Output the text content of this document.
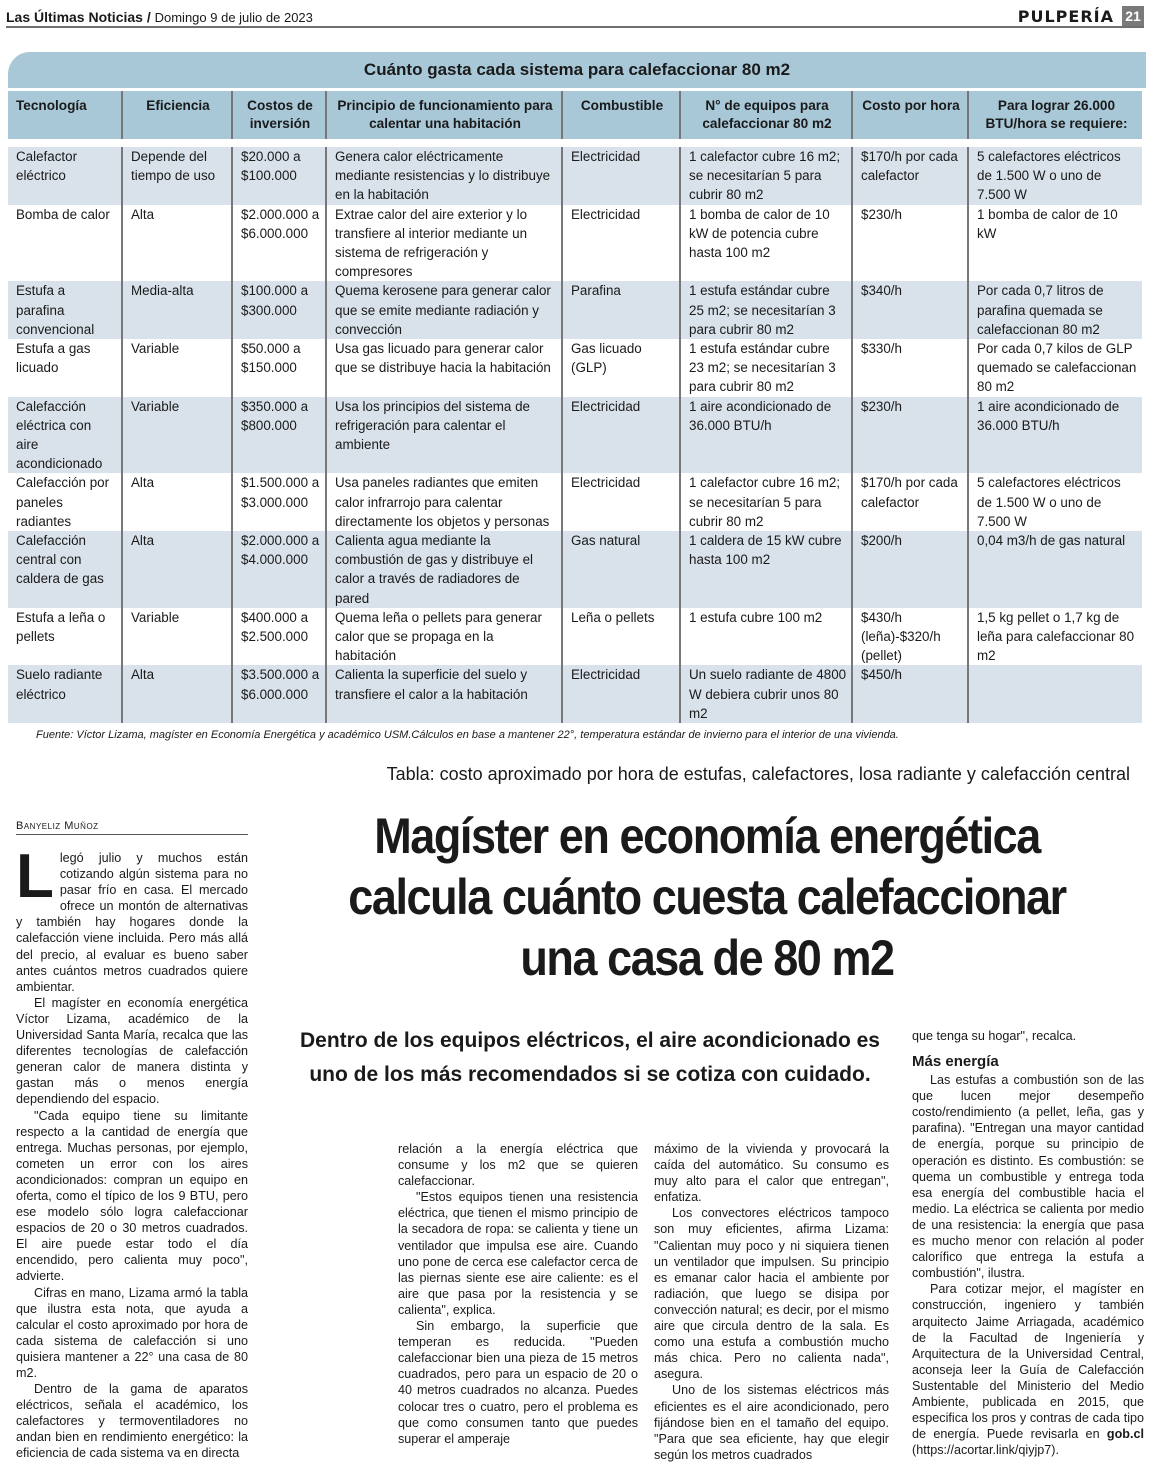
Las Últimas Noticias / Domingo 9 de julio de 2023	PULPERÍA 21
Cuánto gasta cada sistema para calefaccionar 80 m2
Tecnología	Eficiencia	Costos de inversión	Principio de funcionamiento para calentar una habitación	Combustible	N° de equipos para calefaccionar 80 m2	Costo por hora	Para lograr 26.000 BTU/hora se requiere:

Calefactor eléctrico	Depende del tiempo de uso	$20.000 a $100.000	Genera calor eléctricamente mediante resistencias y lo distribuye en la habitación	Electricidad	1 calefactor cubre 16 m2; se necesitarían 5 para cubrir 80 m2	$170/h por cada calefactor	5 calefactores eléctricos de 1.500 W o uno de 7.500 W
Bomba de calor	Alta	$2.000.000 a $6.000.000	Extrae calor del aire exterior y lo transfiere al interior mediante un sistema de refrigeración y compresores	Electricidad	1 bomba de calor de 10 kW de potencia cubre hasta 100 m2	$230/h	1 bomba de calor de 10 kW
Estufa a parafina convencional	Media-alta	$100.000 a $300.000	Quema kerosene para generar calor que se emite mediante radiación y convección	Parafina	1 estufa estándar cubre 25 m2; se necesitarían 3 para cubrir 80 m2	$340/h	Por cada 0,7 litros de parafina quemada se calefaccionan 80 m2
Estufa a gas licuado	Variable	$50.000 a $150.000	Usa gas licuado para generar calor que se distribuye hacia la habitación	Gas licuado (GLP)	1 estufa estándar cubre 23 m2; se necesitarían 3 para cubrir 80 m2	$330/h	Por cada 0,7 kilos de GLP quemado se calefaccionan 80 m2
Calefacción eléctrica con aire acondicionado	Variable	$350.000 a $800.000	Usa los principios del sistema de refrigeración para calentar el ambiente	Electricidad	1 aire acondicionado de 36.000 BTU/h	$230/h	1 aire acondicionado de 36.000 BTU/h
Calefacción por paneles radiantes	Alta	$1.500.000 a $3.000.000	Usa paneles radiantes que emiten calor infrarrojo para calentar directamente los objetos y personas	Electricidad	1 calefactor cubre 16 m2; se necesitarían 5 para cubrir 80 m2	$170/h por cada calefactor	5 calefactores eléctricos de 1.500 W o uno de 7.500 W
Calefacción central con caldera de gas	Alta	$2.000.000 a $4.000.000	Calienta agua mediante la combustión de gas y distribuye el calor a través de radiadores de pared	Gas natural	1 caldera de 15 kW cubre hasta 100 m2	$200/h	0,04 m3/h de gas natural
Estufa a leña o pellets	Variable	$400.000 a $2.500.000	Quema leña o pellets para generar calor que se propaga en la habitación	Leña o pellets	1 estufa cubre 100 m2	$430/h (leña)-$320/h (pellet)	1,5 kg pellet o 1,7 kg de leña para calefaccionar 80 m2
Suelo radiante eléctrico	Alta	$3.500.000 a $6.000.000	Calienta la superficie del suelo y transfiere el calor a la habitación	Electricidad	Un suelo radiante de 4800 W debiera cubrir unos 80 m2	$450/h	
Fuente: Víctor Lizama, magíster en Economía Energética y académico USM.Cálculos en base a mantener 22°, temperatura estándar de invierno para el interior de una vivienda.
Tabla: costo aproximado por hora de estufas, calefactores, losa radiante y calefacción central
Magíster en economía energética calcula cuánto cuesta calefaccionar una casa de 80 m2
Dentro de los equipos eléctricos, el aire acondicionado es uno de los más recomendados si se cotiza con cuidado.
Banyeliz Muñoz

Llegó julio y muchos están cotizando algún sistema para no pasar frío en casa. El mercado ofrece un montón de alternativas y también hay hogares donde la calefacción viene incluida. Pero más allá del precio, al evaluar es bueno saber antes cuántos metros cuadrados quiere ambientar.

El magíster en economía energética Víctor Lizama, académico de la Universidad Santa María, recalca que las diferentes tecnologías de calefacción generan calor de manera distinta y gastan más o menos energía dependiendo del espacio.

"Cada equipo tiene su limitante respecto a la cantidad de energía que entrega. Muchas personas, por ejemplo, cometen un error con los aires acondicionados: compran un equipo en oferta, como el típico de los 9 BTU, pero ese modelo sólo logra calefaccionar espacios de 20 o 30 metros cuadrados. El aire puede estar todo el día encendido, pero calienta muy poco", advierte.

Cifras en mano, Lizama armó la tabla que ilustra esta nota, que ayuda a calcular el costo aproximado por hora de cada sistema de calefacción si uno quisiera mantener a 22° una casa de 80 m2.

Dentro de la gama de aparatos eléctricos, señala el académico, los calefactores y termoventiladores no andan bien en rendimiento energético: la eficiencia de cada sistema va en directa

relación a la energía eléctrica que consume y los m2 que se quieren calefaccionar.

"Estos equipos tienen una resistencia eléctrica, que tienen el mismo principio de la secadora de ropa: se calienta y tiene un ventilador que impulsa ese aire. Cuando uno pone de cerca ese calefactor cerca de las piernas siente ese aire caliente: es el aire que pasa por la resistencia y se calienta", explica.

Sin embargo, la superficie que temperan es reducida. "Pueden calefaccionar bien una pieza de 15 metros cuadrados, pero para un espacio de 20 o 40 metros cuadrados no alcanza. Puedes colocar tres o cuatro, pero el problema es que como consumen tanto que puedes superar el amperaje

máximo de la vivienda y provocará la caída del automático. Su consumo es muy alto para el calor que entregan", enfatiza.

Los convectores eléctricos tampoco son muy eficientes, afirma Lizama: "Calientan muy poco y ni siquiera tienen un ventilador que impulsen. Su principio es emanar calor hacia el ambiente por radiación, que luego se disipa por convección natural; es decir, por el mismo aire que circula dentro de la sala. Es como una estufa a combustión mucho más chica. Pero no calienta nada", asegura.

Uno de los sistemas eléctricos más eficientes es el aire acondicionado, pero fijándose bien en el tamaño del equipo. "Para que sea eficiente, hay que elegir según los metros cuadrados

que tenga su hogar", recalca.

Más energía

Las estufas a combustión son de las que lucen mejor desempeño costo/rendimiento (a pellet, leña, gas y parafina). "Entregan una mayor cantidad de energía, porque su principio de operación es distinto. Es combustión: se quema un combustible y entrega toda esa energía del combustible hacia el medio. La eléctrica se calienta por medio de una resistencia: la energía que pasa es mucho menor con relación al poder calorífico que entrega la estufa a combustión", ilustra.

Para cotizar mejor, el magíster en construcción, ingeniero y también arquitecto Jaime Arriagada, académico de la Facultad de Ingeniería y Arquitectura de la Universidad Central, aconseja leer la Guía de Calefacción Sustentable del Ministerio del Medio Ambiente, publicada en 2015, que especifica los pros y contras de cada tipo de energía. Puede revisarla en gob.cl (https://acortar.link/qiyjp7).
